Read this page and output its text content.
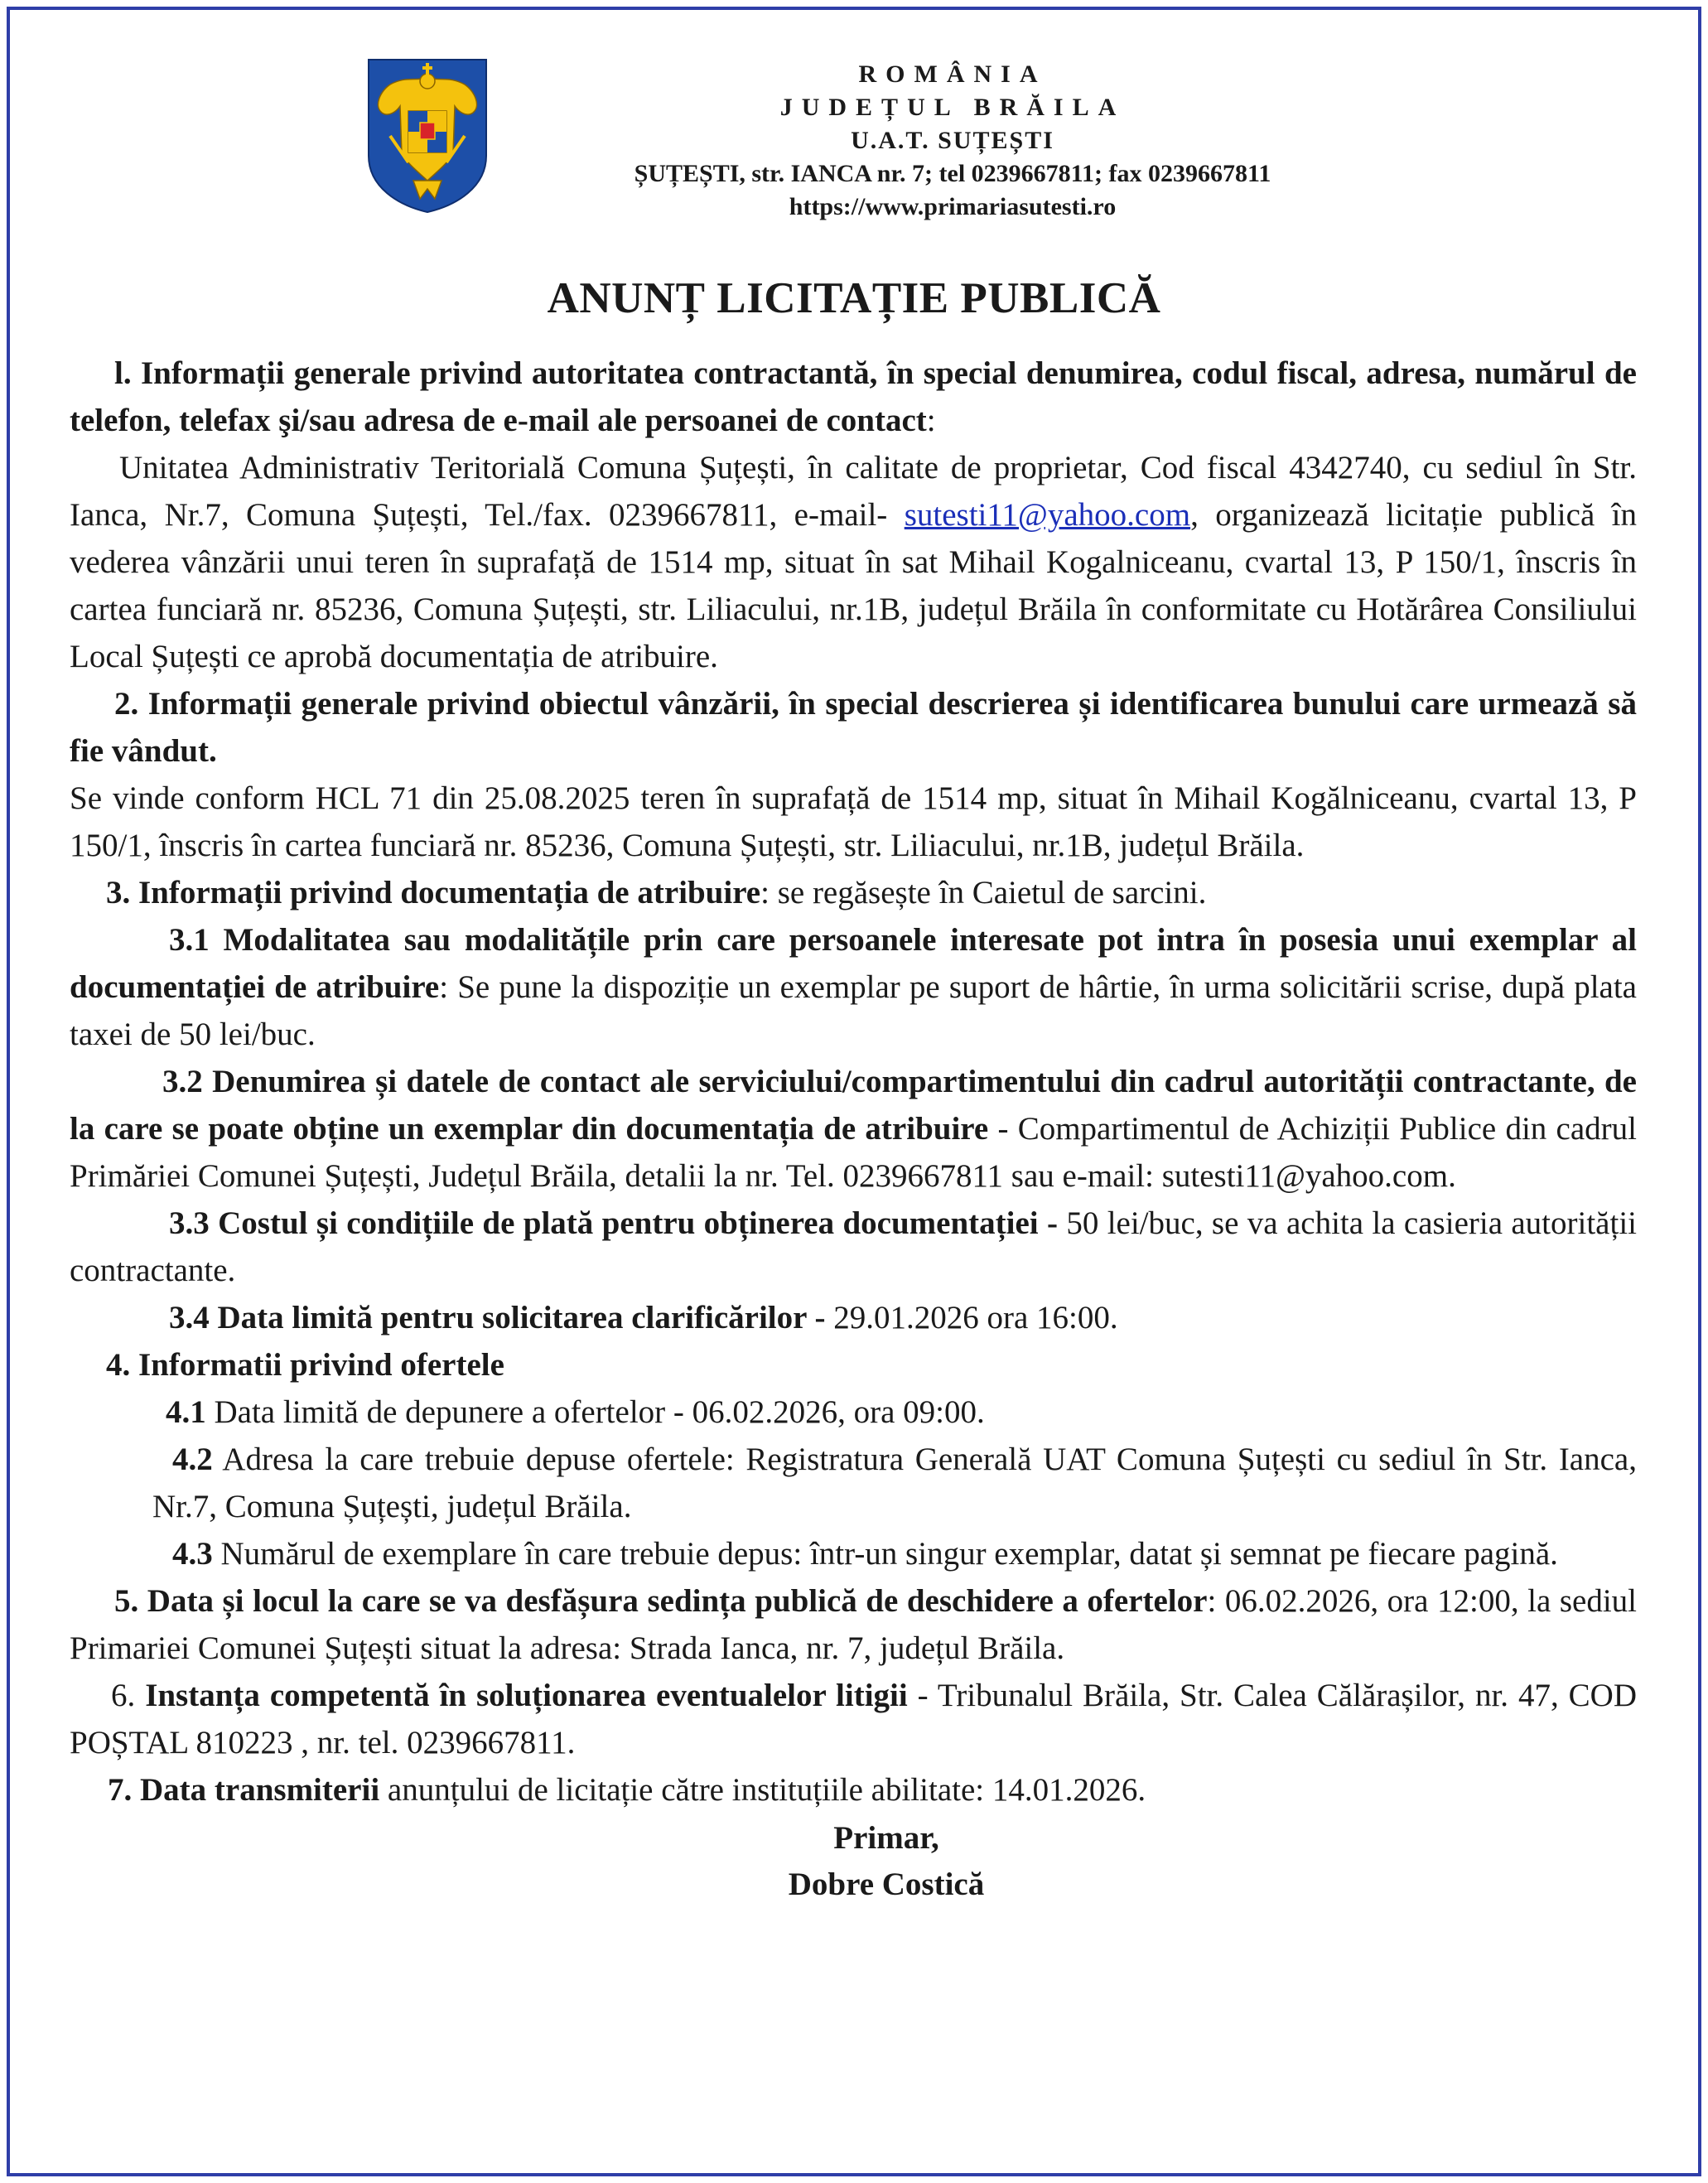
ROMÂNIA
JUDEȚUL BRĂILA
U.A.T. SUȚEȘTI
ȘUȚEȘTI, str. IANCA nr. 7; tel 0239667811; fax 0239667811
https://www.primariasutesti.ro
ANUNȚ LICITAȚIE PUBLICĂ

l. Informații generale privind autoritatea contractantă, în special denumirea, codul fiscal, adresa, numărul de telefon, telefax şi/sau adresa de e-mail ale persoanei de contact:

Unitatea Administrativ Teritorială Comuna Șuțești, în calitate de proprietar, Cod fiscal 4342740, cu sediul în Str. Ianca, Nr.7, Comuna Șuțești, Tel./fax. 0239667811, e-mail- sutesti11@yahoo.com, organizează licitație publică în vederea vânzării unui teren în suprafață de 1514 mp, situat în sat Mihail Kogalniceanu, cvartal 13, P 150/1, înscris în cartea funciară nr. 85236, Comuna Șuțești, str. Liliacului, nr.1B, județul Brăila în conformitate cu Hotărârea Consiliului Local Șuțești ce aprobă documentația de atribuire.

2. Informații generale privind obiectul vânzării, în special descrierea și identificarea bunului care urmează să fie vândut.

Se vinde conform HCL 71 din 25.08.2025 teren în suprafață de 1514 mp, situat în Mihail Kogălniceanu, cvartal 13, P 150/1, înscris în cartea funciară nr. 85236, Comuna Șuțești, str. Liliacului, nr.1B, județul Brăila.

3. Informații privind documentația de atribuire: se regăsește în Caietul de sarcini.

3.1 Modalitatea sau modalitățile prin care persoanele interesate pot intra în posesia unui exemplar al documentației de atribuire: Se pune la dispoziție un exemplar pe suport de hârtie, în urma solicitării scrise, după plata taxei de 50 lei/buc.

3.2 Denumirea și datele de contact ale serviciului/compartimentului din cadrul autorității contractante, de la care se poate obține un exemplar din documentația de atribuire - Compartimentul de Achiziții Publice din cadrul Primăriei Comunei Șuțești, Județul Brăila, detalii la nr. Tel. 0239667811 sau e-mail: sutesti11@yahoo.com.

3.3 Costul și condițiile de plată pentru obținerea documentației - 50 lei/buc, se va achita la casieria autorității contractante.

3.4 Data limită pentru solicitarea clarificărilor - 29.01.2026 ora 16:00.

4. Informatii privind ofertele

4.1 Data limită de depunere a ofertelor - 06.02.2026, ora 09:00.

4.2 Adresa la care trebuie depuse ofertele: Registratura Generală UAT Comuna Șuțești cu sediul în Str. Ianca, Nr.7, Comuna Șuțești, județul Brăila.

4.3 Numărul de exemplare în care trebuie depus: într-un singur exemplar, datat și semnat pe fiecare pagină.

5. Data și locul la care se va desfășura sedința publică de deschidere a ofertelor: 06.02.2026, ora 12:00, la sediul Primariei Comunei Șuțești situat la adresa: Strada Ianca, nr. 7, județul Brăila.

6. Instanța competentă în soluționarea eventualelor litigii - Tribunalul Brăila, Str. Calea Călărașilor, nr. 47, COD POȘTAL 810223 , nr. tel. 0239667811.

7. Data transmiterii anunțului de licitație către instituțiile abilitate: 14.01.2026.

Primar,
Dobre Costică
